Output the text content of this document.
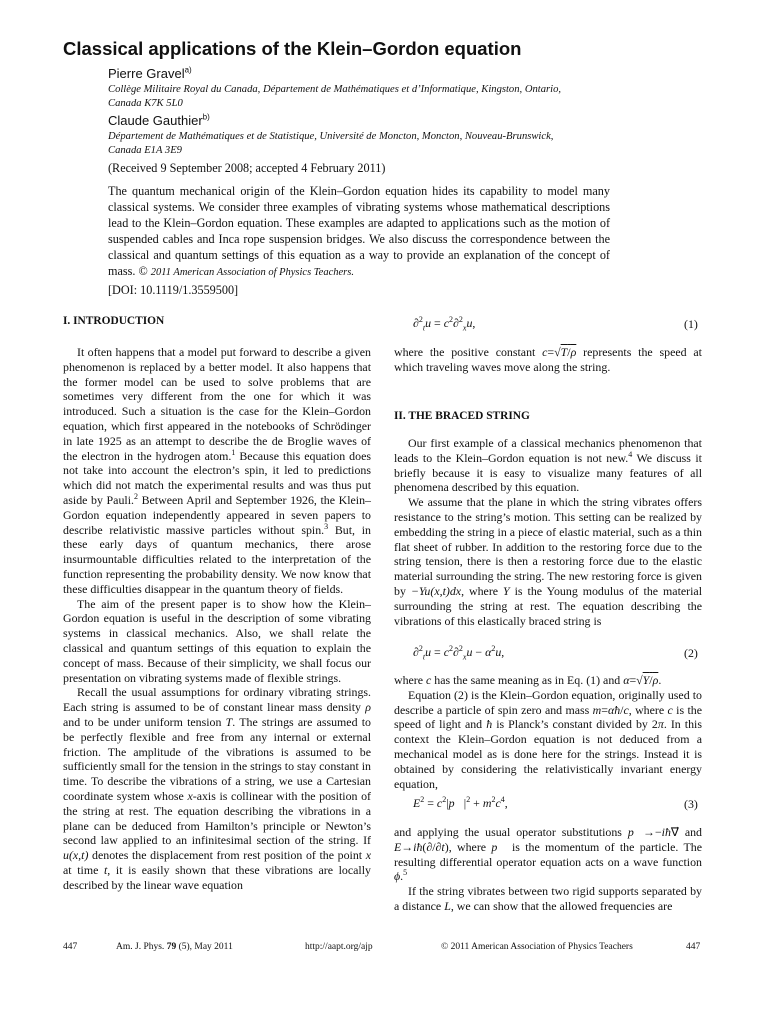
Classical applications of the Klein–Gordon equation
Pierre Gravel$^{a)}$
Collège Militaire Royal du Canada, Département de Mathématiques et d’Informatique, Kingston, Ontario,
Canada K7K 5L0
Claude Gauthier$^{b)}$
Département de Mathématiques et de Statistique, Université de Moncton, Moncton, Nouveau-Brunswick,
Canada E1A 3E9
(Received 9 September 2008; accepted 4 February 2011)
The quantum mechanical origin of the Klein–Gordon equation hides its capability to model many classical systems. We consider three examples of vibrating systems whose mathematical descriptions lead to the Klein–Gordon equation. These examples are adapted to applications such as the motion of suspended cables and Inca rope suspension bridges. We also discuss the correspondence between the classical and quantum settings of this equation as a way to provide an explanation of the concept of mass. © 2011 American Association of Physics Teachers.
[DOI: 10.1119/1.3559500]
I. INTRODUCTION

It often happens that a model put forward to describe a given phenomenon is replaced by a better model. It also happens that the former model can be used to solve problems that are sometimes very different from the one for which it was introduced. Such a situation is the case for the Klein–Gordon equation, which first appeared in the notebooks of Schrödinger in late 1925 as an attempt to describe the de Broglie waves of the electron in the hydrogen atom.$^1$ Because this equation does not take into account the electron’s spin, it led to predictions which did not match the experimental results and was thus put aside by Pauli.$^2$ Between April and September 1926, the Klein–Gordon equation independently appeared in seven papers to describe relativistic massive particles without spin.$^3$ But, in these early days of quantum mechanics, there arose insurmountable difficulties related to the interpretation of the function representing the probability density. We now know that these difficulties disappear in the quantum theory of fields.

The aim of the present paper is to show how the Klein–Gordon equation is useful in the description of some vibrating systems in classical mechanics. Also, we shall relate the classical and quantum settings of this equation to explain the concept of mass. Because of their simplicity, we shall focus our presentation on vibrating systems made of flexible strings.

Recall the usual assumptions for ordinary vibrating strings. Each string is assumed to be of constant linear mass density ρ and to be under uniform tension T. The strings are assumed to be perfectly flexible and free from any internal or external friction. The amplitude of the vibrations is assumed to be sufficiently small for the tension in the strings to stay constant in time. To describe the vibrations of a string, we use a Cartesian coordinate system whose x-axis is collinear with the position of the string at rest. The equation describing the vibrations in a plane can be deduced from Hamilton’s principle or Newton’s second law applied to an infinitesimal section of the string. If u(x,t) denotes the displacement from rest position of the point x at time t, it is easily shown that these vibrations are locally described by the linear wave equation

$\partial^2_tu = c^2\partial^2_xu$,	(1)

where the positive constant c=√T/ρ represents the speed at which traveling waves move along the string.

II. THE BRACED STRING

Our first example of a classical mechanics phenomenon that leads to the Klein–Gordon equation is not new.$^4$ We discuss it briefly because it is easy to visualize many features of all phenomena described by this equation.

We assume that the plane in which the string vibrates offers resistance to the string’s motion. This setting can be realized by embedding the string in a piece of elastic material, such as a thin flat sheet of rubber. In addition to the restoring force due to the string tension, there is then a restoring force due to the elastic material surrounding the string. The new restoring force is given by −Yu(x,t)dx, where Y is the Young modulus of the material surrounding the string at rest. The equation describing the vibrations of this elastically braced string is

$\partial^2_tu = c^2\partial^2_xu - \alpha^2u$,	(2)

where c has the same meaning as in Eq. (1) and α=√Y/ρ.

Equation (2) is the Klein–Gordon equation, originally used to describe a particle of spin zero and mass m=αħ/c, where c is the speed of light and ħ is Planck’s constant divided by 2π. In this context the Klein–Gordon equation is not deduced from a mechanical model as is done here for the strings. Instead it is obtained by considering the relativistically invariant energy equation,

$E^2$ = $c^2|p⃗|^2 + m^2c^4$,	(3)

and applying the usual operator substitutions p⃗→−iħ∇⃗ and E→iħ(∂/∂t), where p⃗ is the momentum of the particle. The resulting differential operator equation acts on a wave function ϕ.$^5$

If the string vibrates between two rigid supports separated by a distance L, we can show that the allowed frequencies are

447	Am. J. Phys. 79 (5), May 2011	http://aapt.org/ajp	© 2011 American Association of Physics Teachers	447
